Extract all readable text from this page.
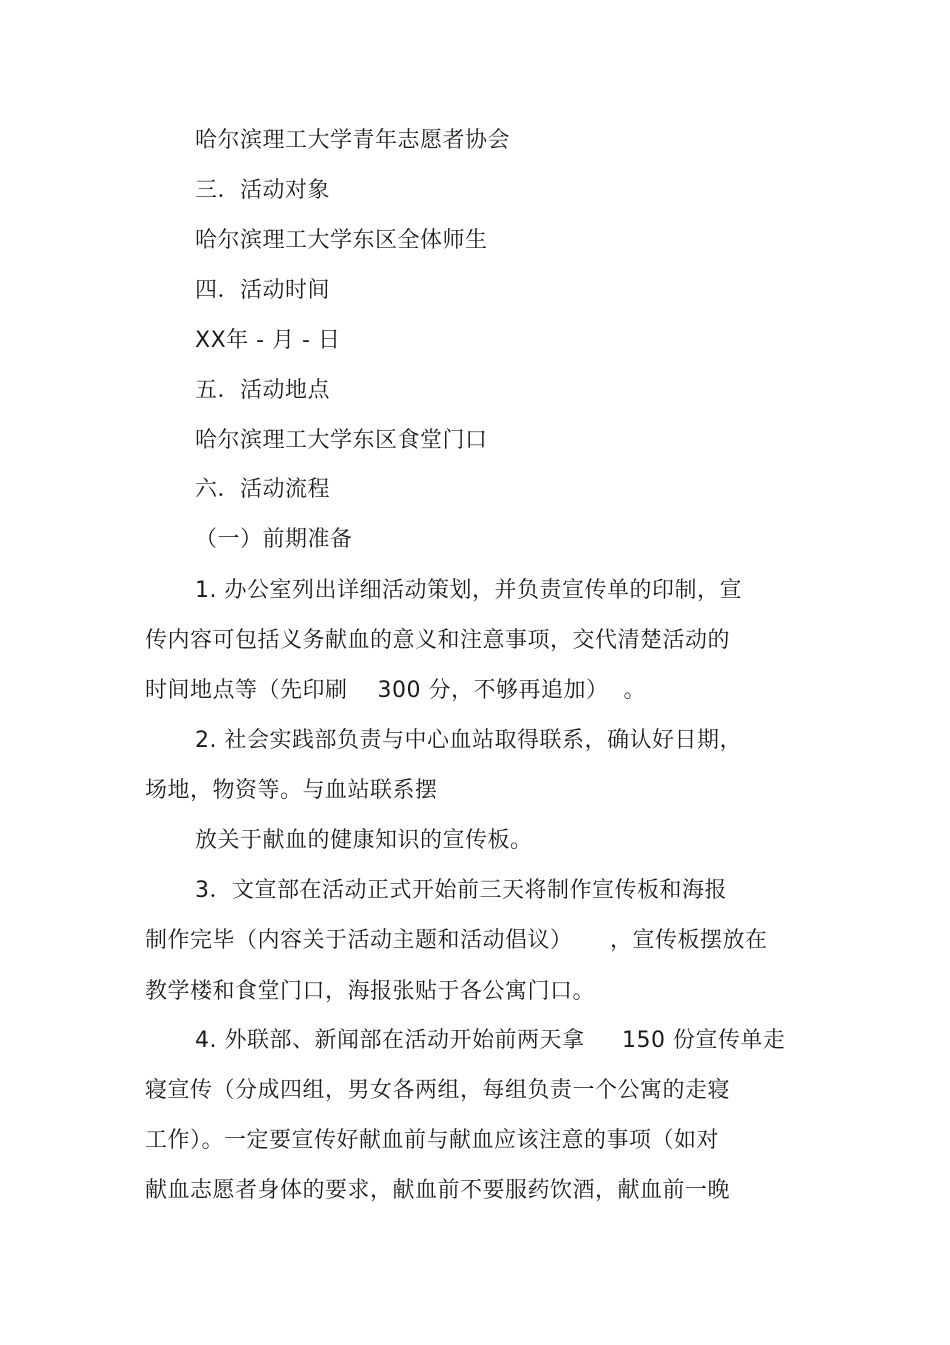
哈尔滨理工大学青年志愿者协会
三．活动对象
哈尔滨理工大学东区全体师生
四．活动时间
XX年 - 月 - 日
五．活动地点
哈尔滨理工大学东区食堂门口
六．活动流程
（一）前期准备
1. 办公室列出详细活动策划，并负责宣传单的印制，宣
传内容可包括义务献血的意义和注意事项，交代清楚活动的
时间地点等（先印刷    300 分，不够再追加）  。
2. 社会实践部负责与中心血站取得联系，确认好日期，
场地，物资等。与血站联系摆
放关于献血的健康知识的宣传板。
3．文宣部在活动正式开始前三天将制作宣传板和海报
制作完毕（内容关于活动主题和活动倡议）     ，宣传板摆放在
教学楼和食堂门口，海报张贴于各公寓门口。
4. 外联部、新闻部在活动开始前两天拿     150 份宣传单走
寝宣传（分成四组，男女各两组，每组负责一个公寓的走寝
工作）。一定要宣传好献血前与献血应该注意的事项（如对
献血志愿者身体的要求，献血前不要服药饮酒，献血前一晚
